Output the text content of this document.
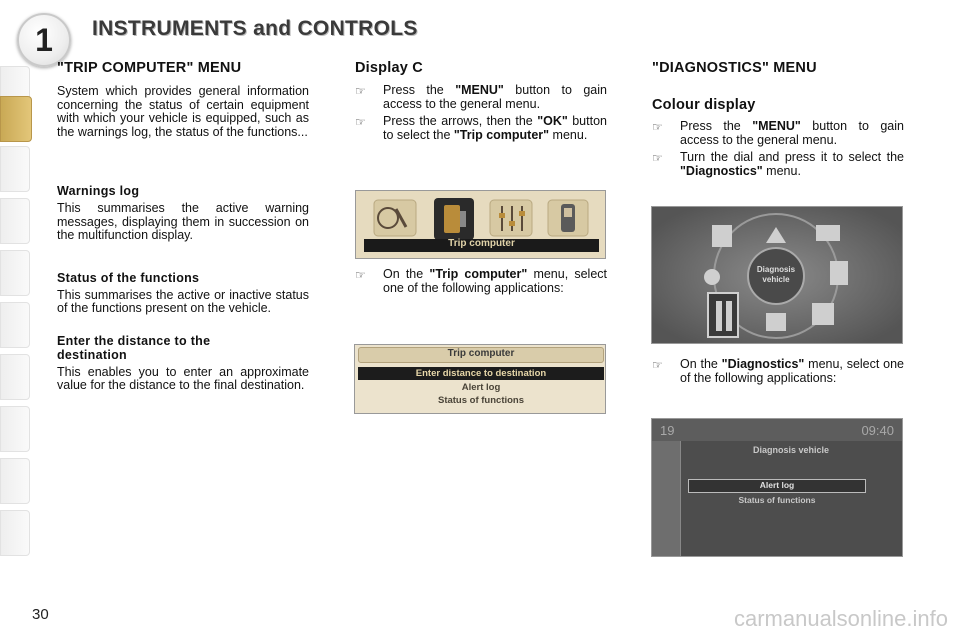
1 INSTRUMENTS and CONTROLS
"TRIP COMPUTER" MENU

System which provides general information concerning the status of certain equipment with which your vehicle is equipped, such as the warnings log, the status of the functions...

Warnings log

This summarises the active warning messages, displaying them in succession on the multifunction display.

Status of the functions

This summarises the active or inactive status of the functions present on the vehicle.

Enter the distance to the destination

This enables you to enter an approximate value for the distance to the final destination.

Display C
☞	Press the "MENU" button to gain access to the general menu.
☞	Press the arrows, then the "OK" button to select the "Trip computer" menu.
Trip computer
☞	On the "Trip computer" menu, select one of the following applications:
Trip computer
Enter distance to destination
Alert log
Status of functions
"DIAGNOSTICS" MENU
Colour display
☞	Press the "MENU" button to gain access to the general menu.
☞	Turn the dial and press it to select the "Diagnostics" menu.
Diagnosis vehicle
☞	On the "Diagnostics" menu, select one of the following applications:
19	09:40
Diagnosis vehicle
Alert log
Status of functions
30	carmanualsonline.info
